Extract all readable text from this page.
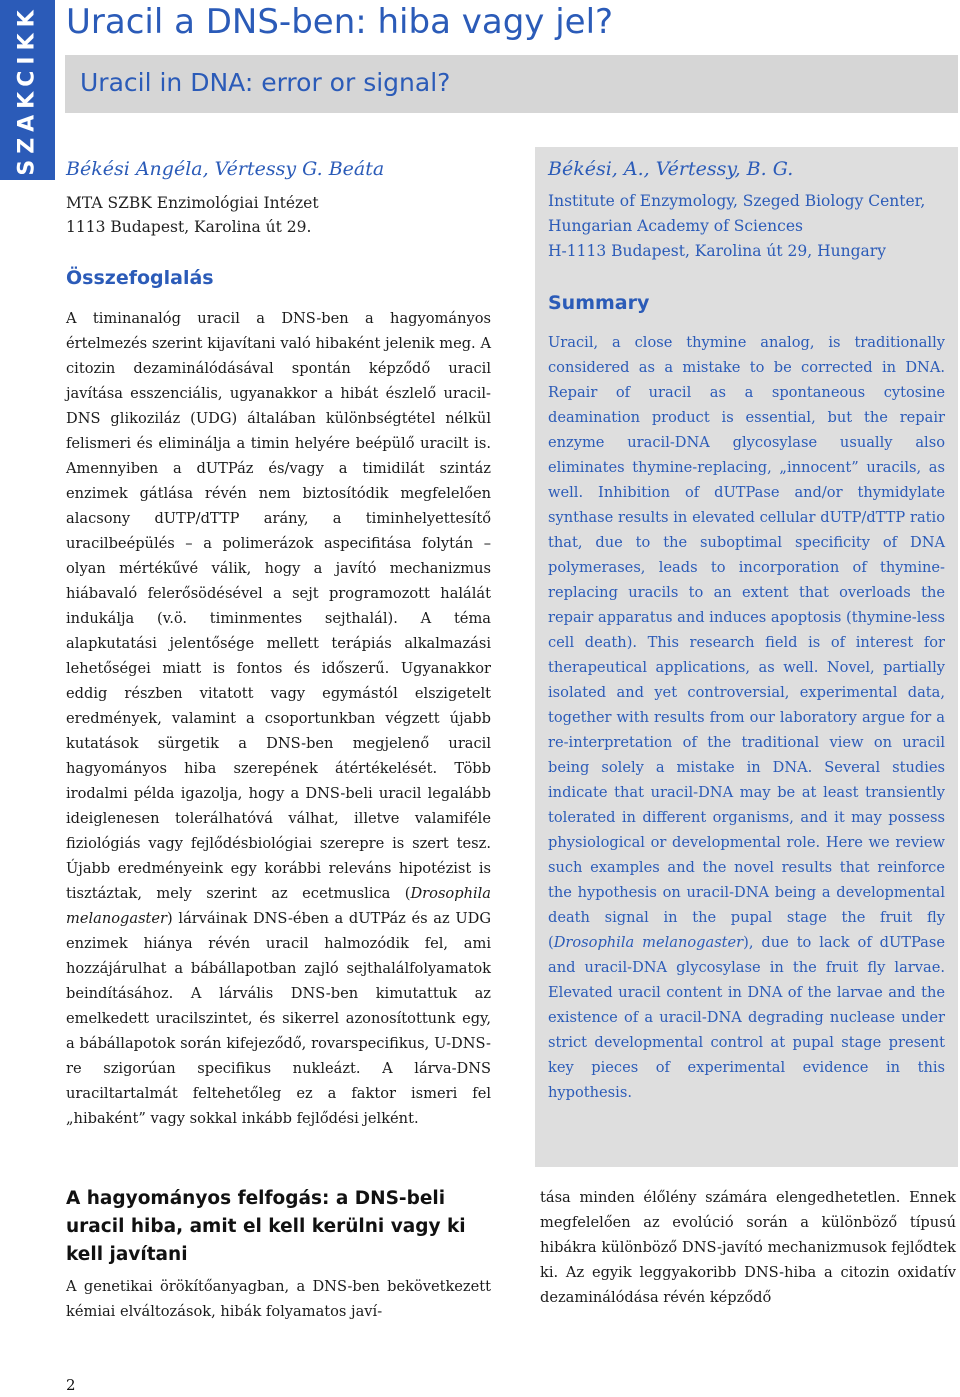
SZAKCIKK Uracil a DNS-ben: hiba vagy jel?
Uracil in DNA: error or signal?
Békési Angéla, Vértessy G. Beáta
MTA SZBK Enzimológiai Intézet
1113 Budapest, Karolina út 29.
Összefoglalás

A timinanalóg uracil a DNS-ben a hagyományos értelmezés szerint kijavítani való hibaként jelenik meg. A citozin dezaminálódásával spontán képződő uracil javítása esszenciális, ugyanakkor a hibát észlelő uracil-DNS glikoziláz (UDG) általában különbségtétel nélkül felismeri és eliminálja a timin helyére beépülő uracilt is. Amennyiben a dUTPáz és/vagy a timidilát szintáz enzimek gátlása révén nem biztosítódik megfelelően alacsony dUTP/dTTP arány, a timinhelyettesítő uracilbeépülés – a polimerázok aspecifitása folytán – olyan mértékűvé válik, hogy a javító mechanizmus hiábavaló felerősödésével a sejt programozott halálát indukálja (v.ö. timinmentes sejthalál). A téma alapkutatási jelentősége mellett terápiás alkalmazási lehetőségei miatt is fontos és időszerű. Ugyanakkor eddig részben vitatott vagy egymástól elszigetelt eredmények, valamint a csoportunkban végzett újabb kutatások sürgetik a DNS-ben megjelenő uracil hagyományos hiba szerepének átértékelését. Több irodalmi példa igazolja, hogy a DNS-beli uracil legalább ideiglenesen tolerálhatóvá válhat, illetve valamiféle fiziológiás vagy fejlődésbiológiai szerepre is szert tesz. Újabb eredményeink egy korábbi releváns hipotézist is tisztáztak, mely szerint az ecetmuslica (Drosophila melanogaster) lárváinak DNS-ében a dUTPáz és az UDG enzimek hiánya révén uracil halmozódik fel, ami hozzájárulhat a bábállapotban zajló sejthalálfolyamatok beindításához. A lárvális DNS-ben kimutattuk az emelkedett uracilszintet, és sikerrel azonosítottunk egy, a bábállapotok során kifejeződő, rovarspecifikus, U-DNS-re szigorúan specifikus nukleázt. A lárva-DNS uraciltartalmát feltehetőleg ez a faktor ismeri fel „hibaként” vagy sokkal inkább fejlődési jelként.

Békési, A., Vértessy, B. G.
Institute of Enzymology, Szeged Biology Center,
Hungarian Academy of Sciences
H-1113 Budapest, Karolina út 29, Hungary
Summary

Uracil, a close thymine analog, is traditionally considered as a mistake to be corrected in DNA. Repair of uracil as a spontaneous cytosine deamination product is essential, but the repair enzyme uracil-DNA glycosylase usually also eliminates thymine-replacing, „innocent” uracils, as well. Inhibition of dUTPase and/or thymidylate synthase results in elevated cellular dUTP/dTTP ratio that, due to the suboptimal specificity of DNA polymerases, leads to incorporation of thymine-replacing uracils to an extent that overloads the repair apparatus and induces apoptosis (thymine-less cell death). This research field is of interest for therapeutical applications, as well. Novel, partially isolated and yet controversial, experimental data, together with results from our laboratory argue for a re-interpretation of the traditional view on uracil being solely a mistake in DNA. Several studies indicate that uracil-DNA may be at least transiently tolerated in different organisms, and it may possess physiological or developmental role. Here we review such examples and the novel results that reinforce the hypothesis on uracil-DNA being a developmental death signal in the pupal stage the fruit fly (Drosophila melanogaster), due to lack of dUTPase and uracil-DNA glycosylase in the fruit fly larvae. Elevated uracil content in DNA of the larvae and the existence of a uracil-DNA degrading nuclease under strict developmental control at pupal stage present key pieces of experimental evidence in this hypothesis.

A hagyományos felfogás: a DNS-beli uracil hiba, amit el kell kerülni vagy ki kell javítani
A genetikai örökítőanyagban, a DNS-ben bekövetkezett kémiai elváltozások, hibák folyamatos javí-
tása minden élőlény számára elengedhetetlen. Ennek megfelelően az evolúció során a különböző típusú hibákra különböző DNS-javító mechanizmusok fejlődtek ki. Az egyik leggyakoribb DNS-hiba a citozin oxidatív dezaminálódása révén képződő
2
